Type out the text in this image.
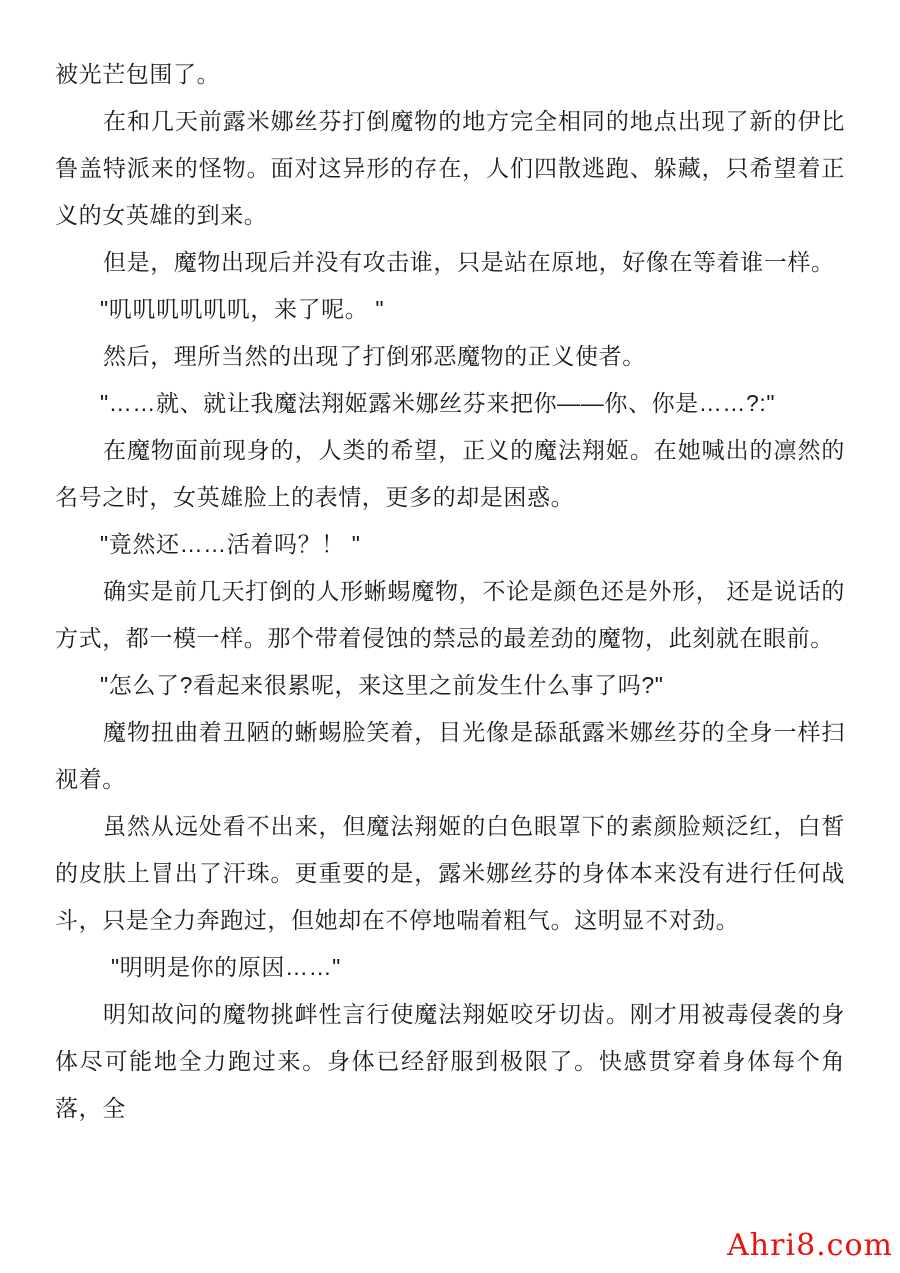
被光芒包围了。

在和几天前露米娜丝芬打倒魔物的地方完全相同的地点出现了新的伊比鲁盖特派来的怪物。面对这异形的存在，人们四散逃跑、躲藏，只希望着正义的女英雄的到来。

但是，魔物出现后并没有攻击谁，只是站在原地，好像在等着谁一样。

"叽叽叽叽叽叽，来了呢。 "

然后，理所当然的出现了打倒邪恶魔物的正义使者。

"……就、就让我魔法翔姬露米娜丝芬来把你——你、你是……?:"

在魔物面前现身的，人类的希望，正义的魔法翔姬。在她喊出的凛然的名号之时，女英雄脸上的表情，更多的却是困惑。

"竟然还……活着吗？！ "

确实是前几天打倒的人形蜥蜴魔物，不论是颜色还是外形， 还是说话的方式，都一模一样。那个带着侵蚀的禁忌的最差劲的魔物，此刻就在眼前。

"怎么了?看起来很累呢，来这里之前发生什么事了吗?"

魔物扭曲着丑陋的蜥蜴脸笑着，目光像是舔舐露米娜丝芬的全身一样扫视着。

虽然从远处看不出来，但魔法翔姬的白色眼罩下的素颜脸颊泛红，白皙的皮肤上冒出了汗珠。更重要的是，露米娜丝芬的身体本来没有进行任何战斗，只是全力奔跑过，但她却在不停地喘着粗气。这明显不对劲。

"明明是你的原因……"

明知故问的魔物挑衅性言行使魔法翔姬咬牙切齿。刚才用被毒侵袭的身体尽可能地全力跑过来。身体已经舒服到极限了。快感贯穿着身体每个角落，全

Ahri8.com
